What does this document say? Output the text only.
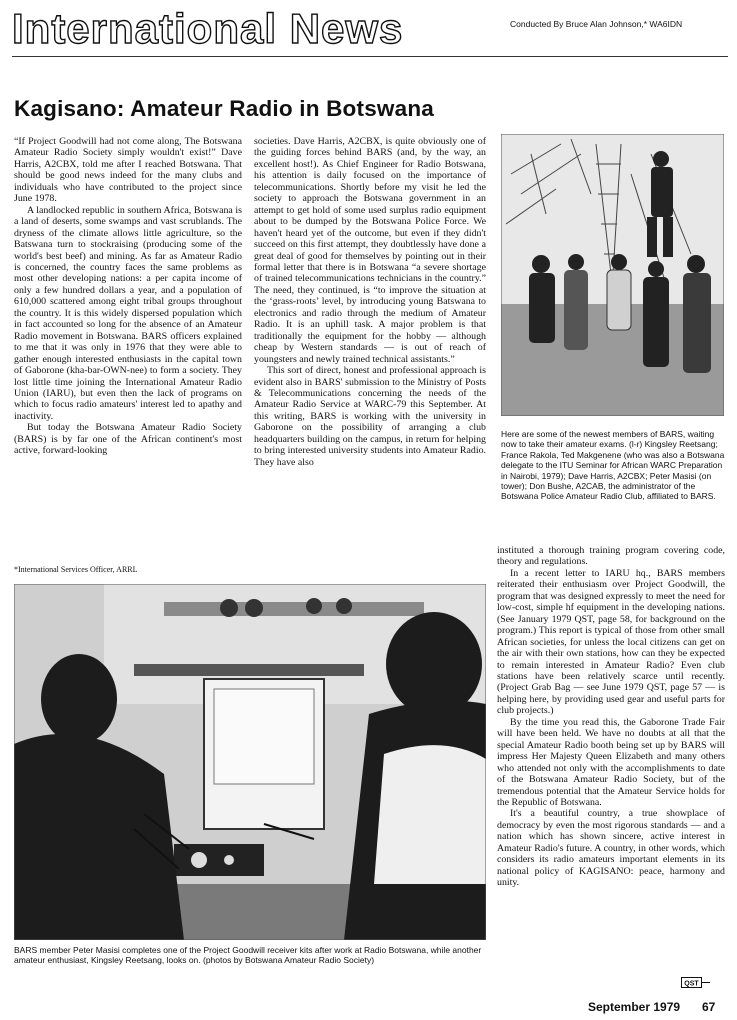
International News	Conducted By Bruce Alan Johnson,* WA6IDN
Kagisano: Amateur Radio in Botswana

“If Project Goodwill had not come along, The Botswana Amateur Radio Society simply wouldn't exist!” Dave Harris, A2CBX, told me after I reached Botswana. That should be good news indeed for the many clubs and individuals who have contributed to the project since June 1978.

A landlocked republic in southern Africa, Botswana is a land of deserts, some swamps and vast scrublands. The dryness of the climate allows little agriculture, so the Batswana turn to stockraising (producing some of the world's best beef) and mining. As far as Amateur Radio is concerned, the country faces the same problems as most other developing nations: a per capita income of only a few hundred dollars a year, and a population of 610,000 scattered among eight tribal groups throughout the country. It is this widely dispersed population which in fact accounted so long for the absence of an Amateur Radio movement in Botswana. BARS officers explained to me that it was only in 1976 that they were able to gather enough interested enthusiasts in the capital town of Gaborone (kha-bar-OWN-nee) to form a society. They lost little time joining the International Amateur Radio Union (IARU), but even then the lack of programs on which to focus radio amateurs' interest led to apathy and inactivity.

But today the Botswana Amateur Radio Society (BARS) is by far one of the African continent's most active, forward-looking

*International Services Officer, ARRL

societies. Dave Harris, A2CBX, is quite obviously one of the guiding forces behind BARS (and, by the way, an excellent host!). As Chief Engineer for Radio Botswana, his attention is daily focused on the importance of telecommunications. Shortly before my visit he led the society to approach the Botswana government in an attempt to get hold of some used surplus radio equipment about to be dumped by the Botswana Police Force. We haven't heard yet of the outcome, but even if they didn't succeed on this first attempt, they doubtlessly have done a great deal of good for themselves by pointing out in their formal letter that there is in Botswana “a severe shortage of trained telecommunications technicians in the country.” The need, they continued, is “to improve the situation at the ‘grass-roots’ level, by introducing young Batswana to electronics and radio through the medium of Amateur Radio. It is an uphill task. A major problem is that traditionally the equipment for the hobby — although cheap by Western standards — is out of reach of youngsters and newly trained technical assistants.”

This sort of direct, honest and professional approach is evident also in BARS' submission to the Ministry of Posts & Telecommunications concerning the needs of the Amateur Radio Service at WARC-79 this September. At this writing, BARS is working with the university in Gaborone on the possibility of arranging a club headquarters building on the campus, in return for helping to bring interested university students into Amateur Radio. They have also

Here are some of the newest members of BARS, waiting now to take their amateur exams. (l-r) Kingsley Reetsang; France Rakola, Ted Makgenene (who was also a Botswana delegate to the ITU Seminar for African WARC Preparation in Nairobi, 1979); Dave Harris, A2CBX; Peter Masisi (on tower); Don Bushe, A2CAB, the administrator of the Botswana Police Amateur Radio Club, affiliated to BARS.

instituted a thorough training program covering code, theory and regulations.

In a recent letter to IARU hq., BARS members reiterated their enthusiasm over Project Goodwill, the program that was designed expressly to meet the need for low-cost, simple hf equipment in the developing nations. (See January 1979 QST, page 58, for background on the program.) This report is typical of those from other small African societies, for unless the local citizens can get on the air with their own stations, how can they be expected to remain interested in Amateur Radio? Even club stations have been relatively scarce until recently. (Project Grab Bag — see June 1979 QST, page 57 — is helping here, by providing used gear and useful parts for club projects.)

By the time you read this, the Gaborone Trade Fair will have been held. We have no doubts at all that the special Amateur Radio booth being set up by BARS will impress Her Majesty Queen Elizabeth and many others who attended not only with the accomplishments to date of the Botswana Amateur Radio Society, but of the tremendous potential that the Amateur Service holds for the Republic of Botswana.

It's a beautiful country, a true showplace of democracy by even the most rigorous standards — and a nation which has shown sincere, active interest in Amateur Radio's future. A country, in other words, which considers its radio amateurs important elements in its national policy of KAGISANO: peace, harmony and unity.

QST
BARS member Peter Masisi completes one of the Project Goodwill receiver kits after work at Radio Botswana, while another amateur enthusiast, Kingsley Reetsang, looks on. (photos by Botswana Amateur Radio Society)
September 1979 67
